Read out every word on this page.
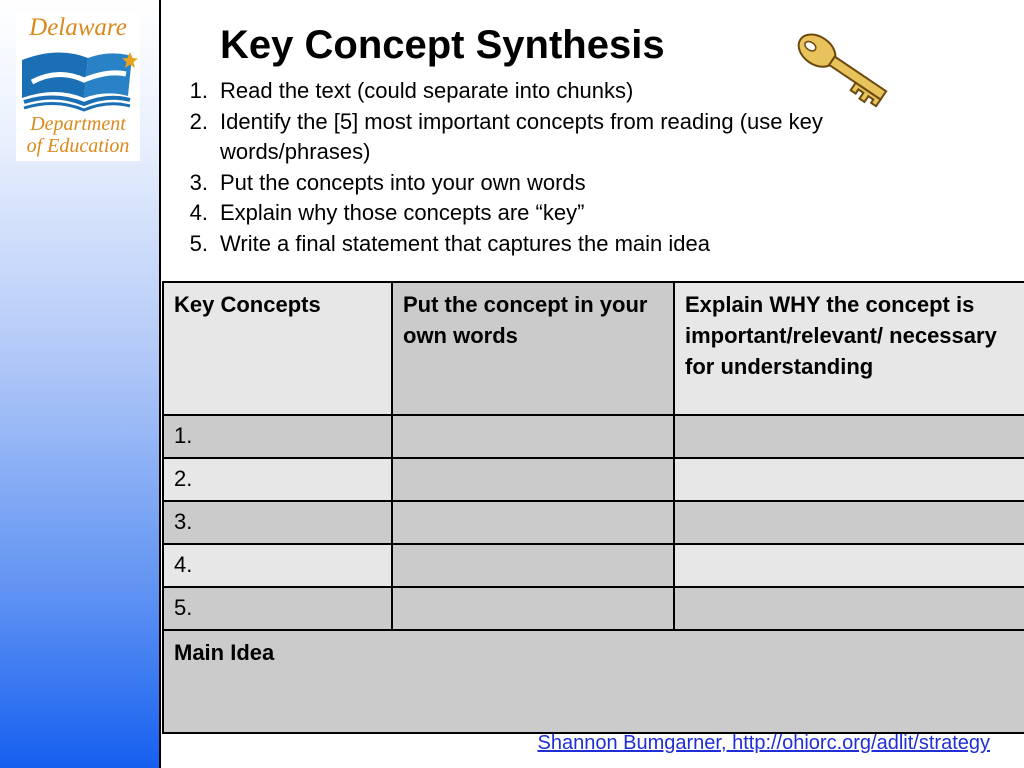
Delaware
Department
of Education
Key Concept Synthesis
1. Read the text (could separate into chunks)
2. Identify the [5] most important concepts from reading (use key words/phrases)
3. Put the concepts into your own words
4. Explain why those concepts are “key”
5. Write a final statement that captures the main idea
Key Concepts	Put the concept in your own words	Explain WHY the concept is important/relevant/ necessary for understanding
1.		
2.		
3.		
4.		
5.		
Main Idea		
Shannon Bumgarner, http://ohiorc.org/adlit/strategy
